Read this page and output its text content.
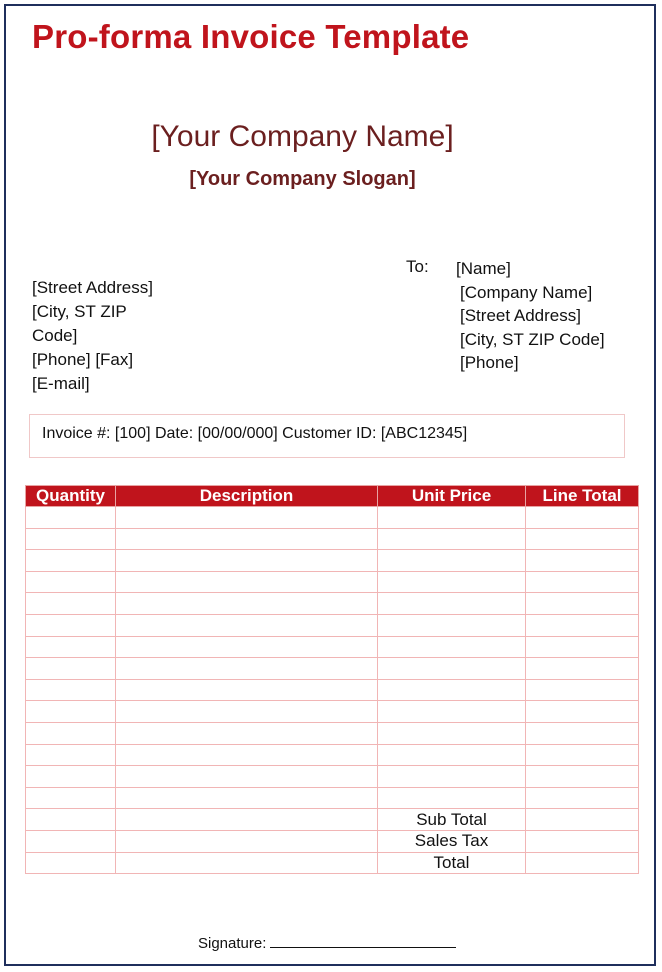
Pro-forma Invoice Template
[Your Company Name]
[Your Company Slogan]
[Street Address]
[City, ST ZIP
Code]
[Phone] [Fax]
[E-mail]
To: [Name]
[Company Name]
[Street Address]
[City, ST ZIP Code]
[Phone]
Invoice #: [100] Date: [00/00/000] Customer ID: [ABC12345]
Quantity	Description	Unit Price	Line Total

		Sub Total	
		Sales Tax	
		Total	
Signature:
